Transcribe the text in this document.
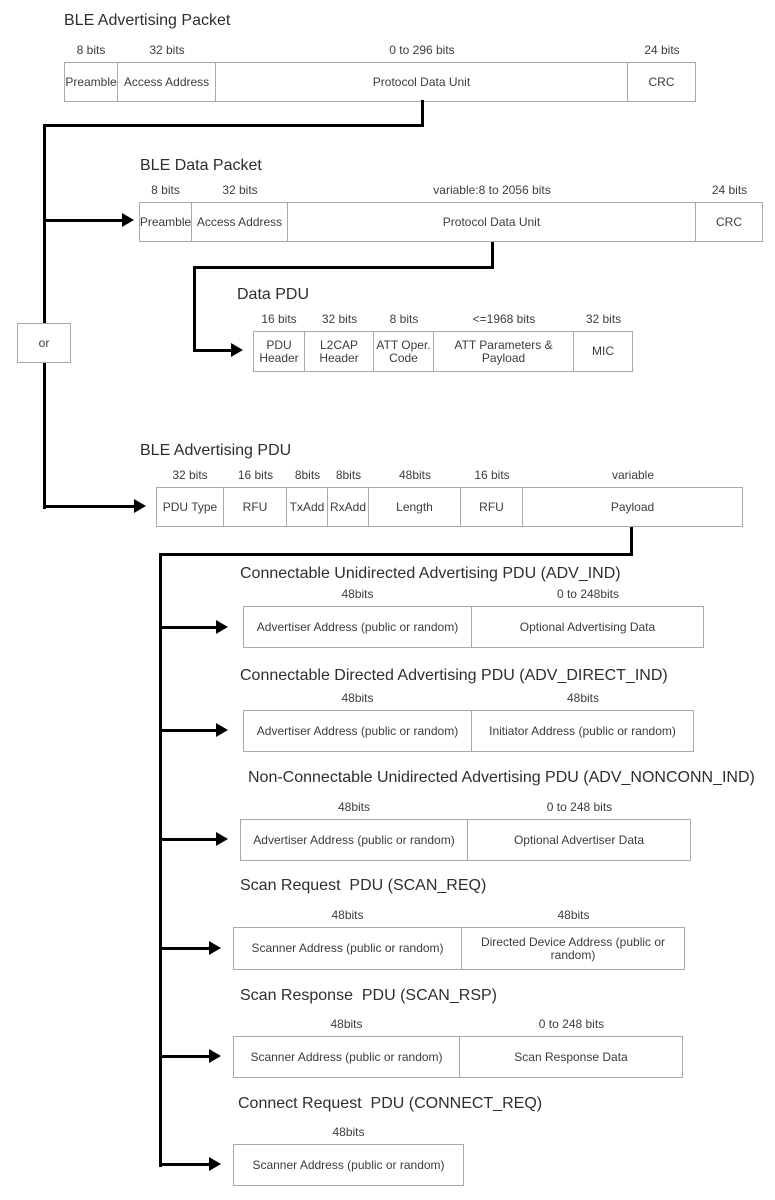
BLE Advertising Packet
8 bits
Preamble
32 bits
Access Address
0 to 296 bits
Protocol Data Unit
24 bits
CRC
BLE Data Packet
8 bits
Preamble
32 bits
Access Address
variable:8 to 2056 bits
Protocol Data Unit
24 bits
CRC
Data PDU
16 bits
PDU Header
32 bits
L2CAP Header
8 bits
ATT Oper. Code
<=1968 bits
ATT Parameters & Payload
32 bits
MIC
BLE Advertising PDU
32 bits
PDU Type
16 bits
RFU
8bits
TxAdd
8bits
RxAdd
48bits
Length
16 bits
RFU
variable
Payload
Connectable Unidirected Advertising PDU (ADV_IND)
48bits
Advertiser Address (public or random)
0 to 248bits
Optional Advertising Data
Connectable Directed Advertising PDU (ADV_DIRECT_IND)
48bits
Advertiser Address (public or random)
48bits
Initiator Address (public or random)
Non-Connectable Unidirected Advertising PDU (ADV_NONCONN_IND)
48bits
Advertiser Address (public or random)
0 to 248 bits
Optional Advertiser Data
Scan Request  PDU (SCAN_REQ)
48bits
Scanner Address (public or random)
48bits
Directed Device Address (public or random)
Scan Response  PDU (SCAN_RSP)
48bits
Scanner Address (public or random)
0 to 248 bits
Scan Response Data
Connect Request  PDU (CONNECT_REQ)
48bits
Scanner Address (public or random)
or
